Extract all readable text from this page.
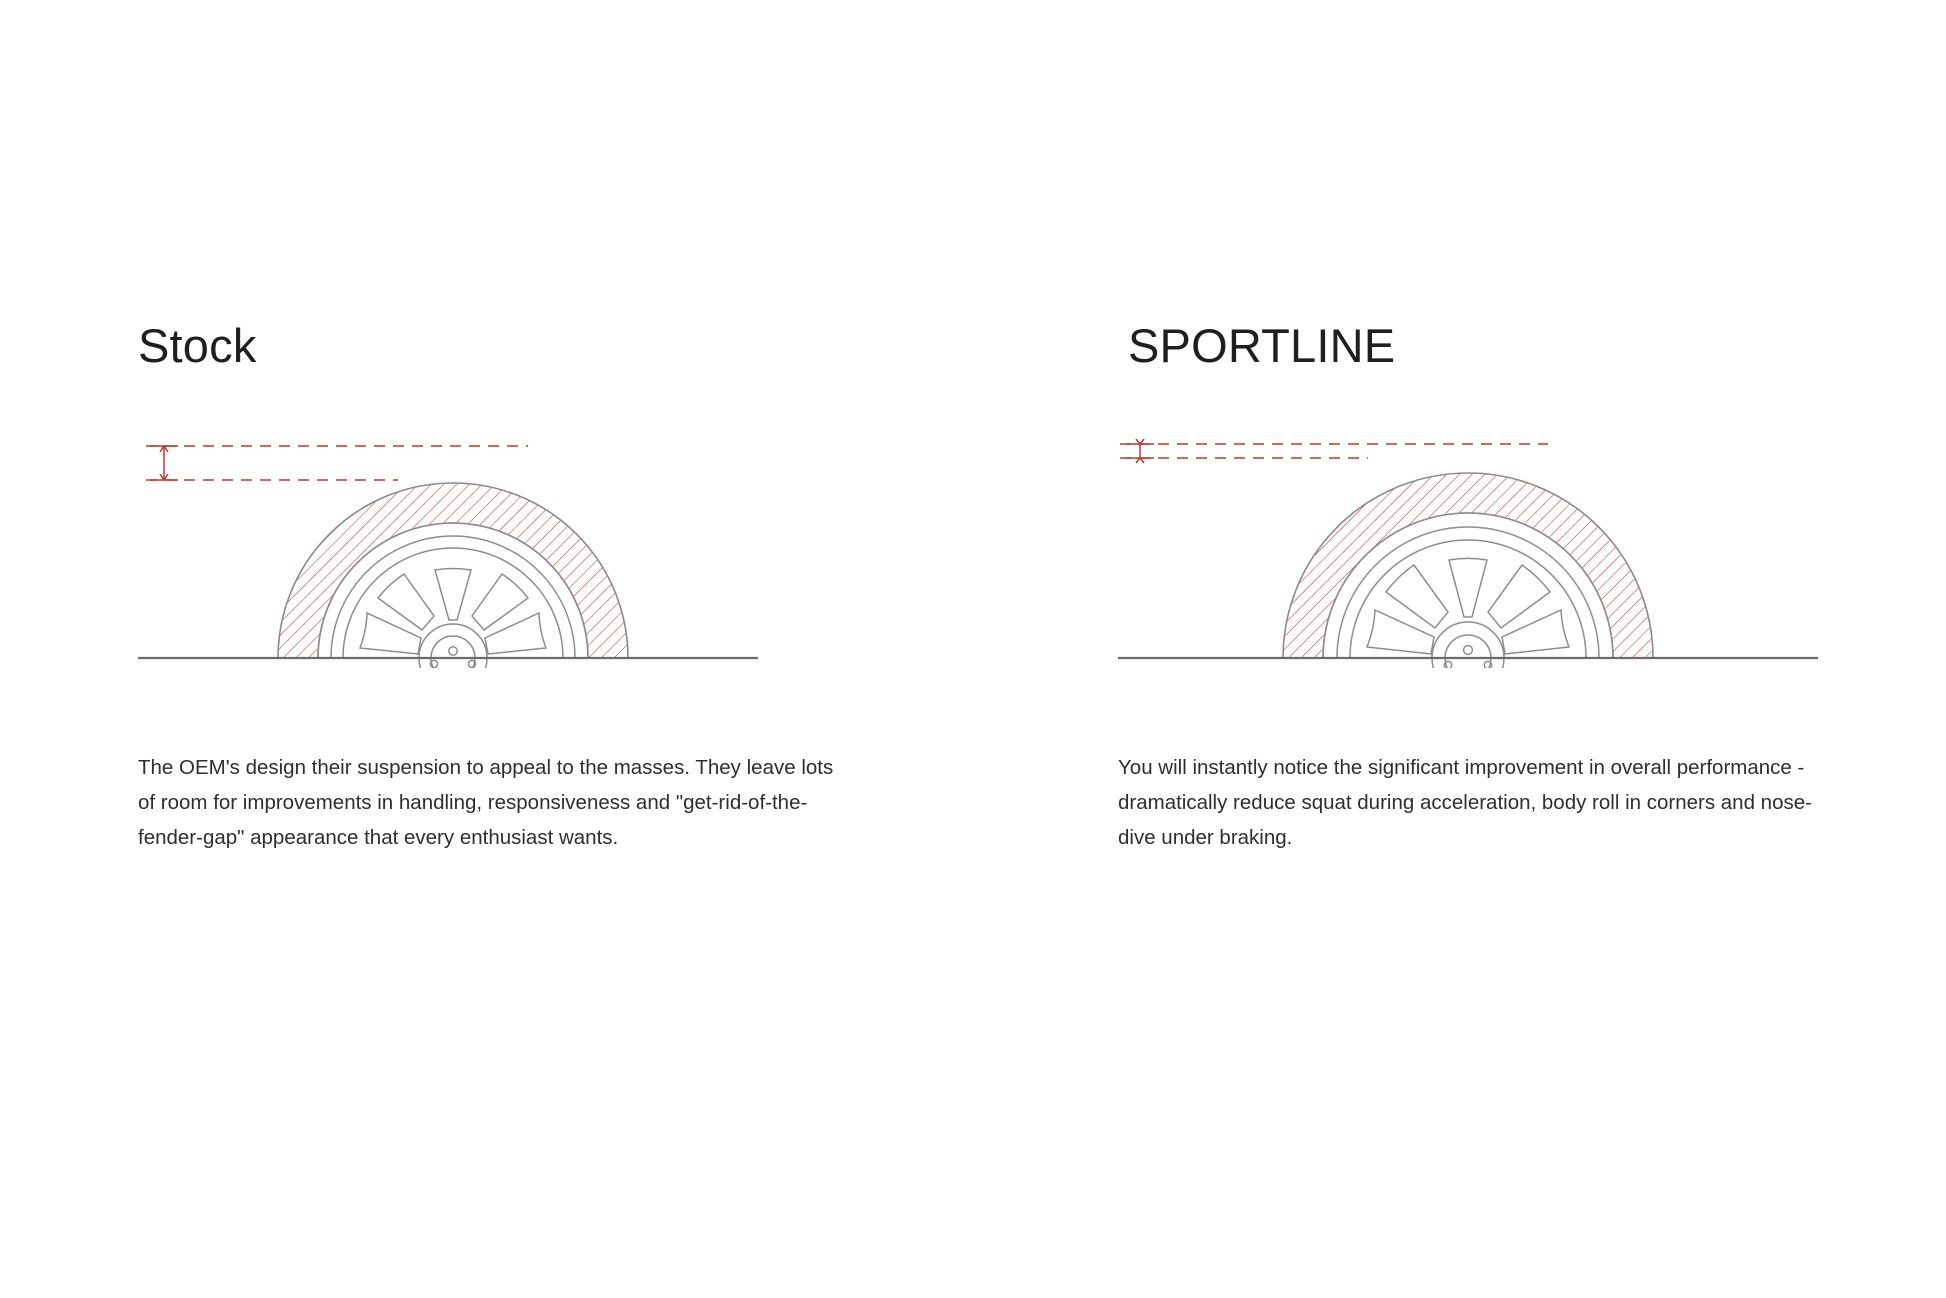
Stock

The OEM's design their suspension to appeal to the masses. They leave lots of room for improvements in handling, responsiveness and "get-rid-of-the-fender-gap" appearance that every enthusiast wants.

SPORTLINE

You will instantly notice the significant improvement in overall performance - dramatically reduce squat during acceleration, body roll in corners and nose-dive under braking.
